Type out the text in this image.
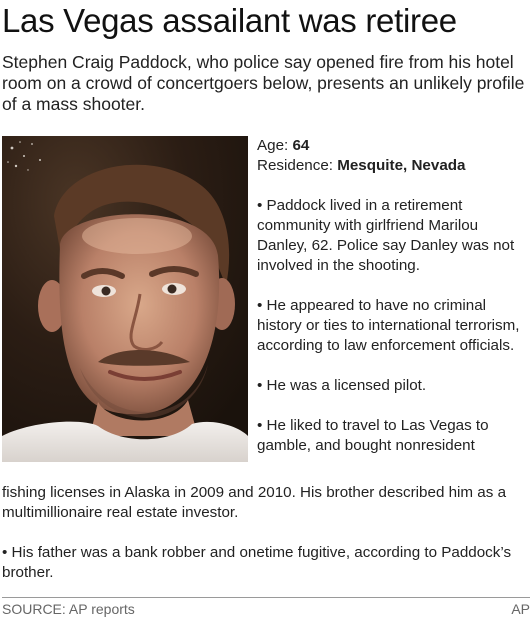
Las Vegas assailant was retiree
Stephen Craig Paddock, who police say opened fire from his hotel room on a crowd of concertgoers below, presents an unlikely profile of a mass shooter.

Age: 64

Residence: Mesquite, Nevada

• Paddock lived in a retirement community with girlfriend Marilou Danley, 62. Police say Danley was not involved in the shooting.

• He appeared to have no criminal history or ties to international terrorism, according to law enforcement officials.

• He was a licensed pilot.

• He liked to travel to Las Vegas to gamble, and bought nonresident

fishing licenses in Alaska in 2009 and 2010. His brother described him as a multimillionaire real estate investor.
• His father was a bank robber and onetime fugitive, according to Paddock’s brother.
SOURCE: AP reports	AP
